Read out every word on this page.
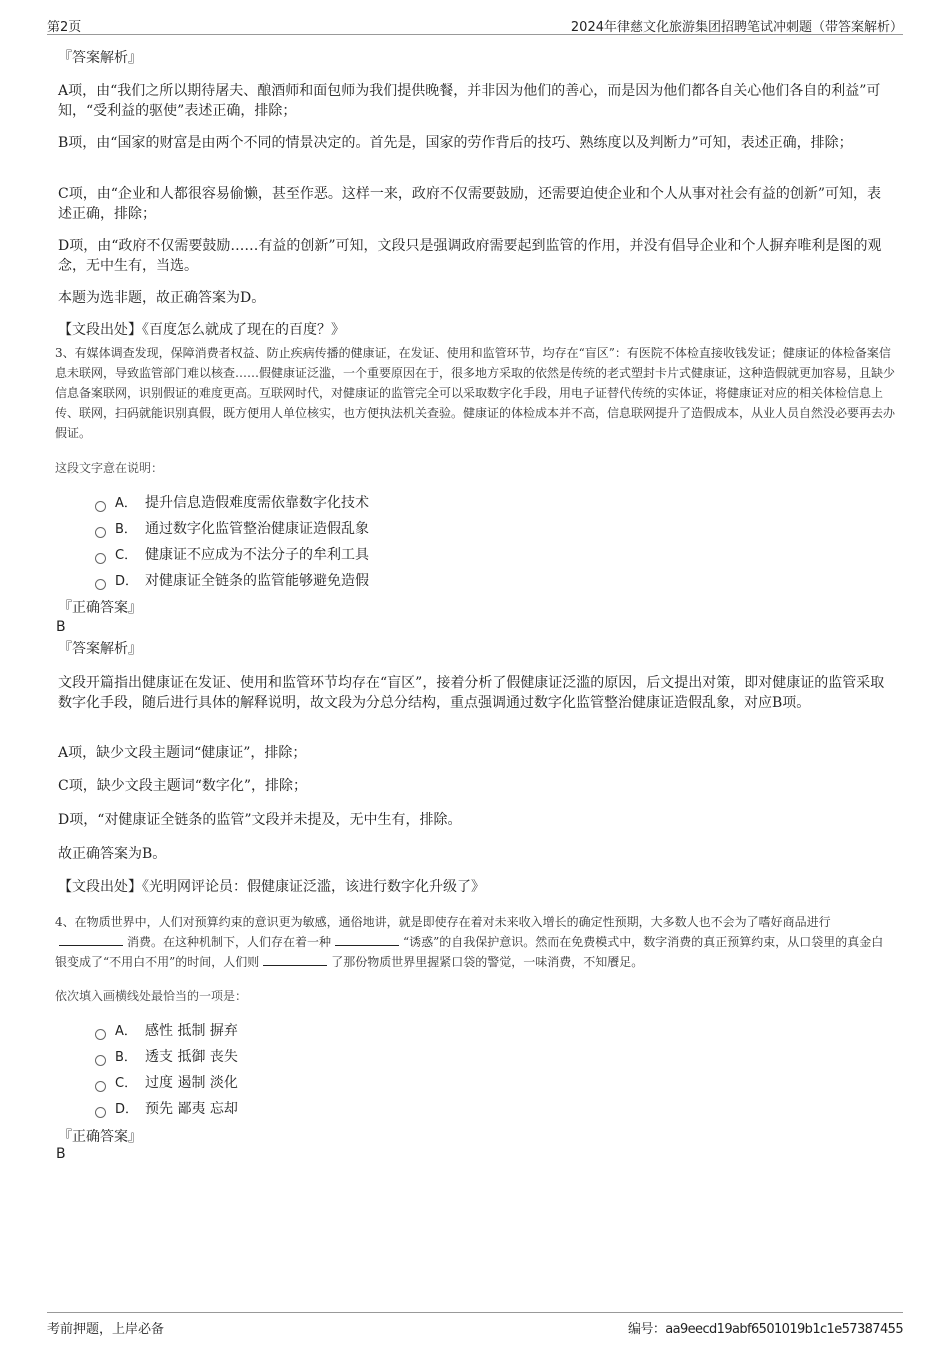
第2页	2024年律慈文化旅游集团招聘笔试冲刺题（带答案解析）
『答案解析』
A项，由“我们之所以期待屠夫、酿酒师和面包师为我们提供晚餐，并非因为他们的善心，而是因为他们都各自关心他们各自的利益”可知，“受利益的驱使”表述正确，排除；
B项，由“国家的财富是由两个不同的情景决定的。首先是，国家的劳作背后的技巧、熟练度以及判断力”可知，表述正确，排除；
C项，由“企业和人都很容易偷懒，甚至作恶。这样一来，政府不仅需要鼓励，还需要迫使企业和个人从事对社会有益的创新”可知，表述正确，排除；
D项，由“政府不仅需要鼓励……有益的创新”可知，文段只是强调政府需要起到监管的作用，并没有倡导企业和个人摒弃唯利是图的观念，无中生有，当选。
本题为选非题，故正确答案为D。
【文段出处】《百度怎么就成了现在的百度？》
3、有媒体调查发现，保障消费者权益、防止疾病传播的健康证，在发证、使用和监管环节，均存在“盲区”：有医院不体检直接收钱发证；健康证的体检备案信息未联网，导致监管部门难以核查……假健康证泛滥，一个重要原因在于，很多地方采取的依然是传统的老式塑封卡片式健康证，这种造假就更加容易，且缺少信息备案联网，识别假证的难度更高。互联网时代，对健康证的监管完全可以采取数字化手段，用电子证替代传统的实体证，将健康证对应的相关体检信息上传、联网，扫码就能识别真假，既方便用人单位核实，也方便执法机关查验。健康证的体检成本并不高，信息联网提升了造假成本，从业人员自然没必要再去办假证。
这段文字意在说明：
A． 提升信息造假难度需依靠数字化技术
B． 通过数字化监管整治健康证造假乱象
C． 健康证不应成为不法分子的牟利工具
D． 对健康证全链条的监管能够避免造假
『正确答案』
B
『答案解析』
文段开篇指出健康证在发证、使用和监管环节均存在“盲区”，接着分析了假健康证泛滥的原因，后文提出对策，即对健康证的监管采取数字化手段，随后进行具体的解释说明，故文段为分总分结构，重点强调通过数字化监管整治健康证造假乱象，对应B项。
A项，缺少文段主题词“健康证”，排除；
C项，缺少文段主题词“数字化”，排除；
D项，“对健康证全链条的监管”文段并未提及，无中生有，排除。
故正确答案为B。
【文段出处】《光明网评论员：假健康证泛滥，该进行数字化升级了》
4、在物质世界中，人们对预算约束的意识更为敏感，通俗地讲，就是即使存在着对未来收入增长的确定性预期，大多数人也不会为了嗜好商品进行消费。在这种机制下，人们存在着一种	“诱惑”的自我保护意识。然而在免费模式中，数字消费的真正预算约束，从口袋里的真金白银变成了“不用白不用”的时间，人们则	了那份物质世界里握紧口袋的警觉，一味消费，不知餍足。
依次填入画横线处最恰当的一项是：
A． 感性 抵制 摒弃
B． 透支 抵御 丧失
C． 过度 遏制 淡化
D． 预先 鄙夷 忘却
『正确答案』
B
考前押题，上岸必备	编号：aa9eecd19abf6501019b1c1e57387455
